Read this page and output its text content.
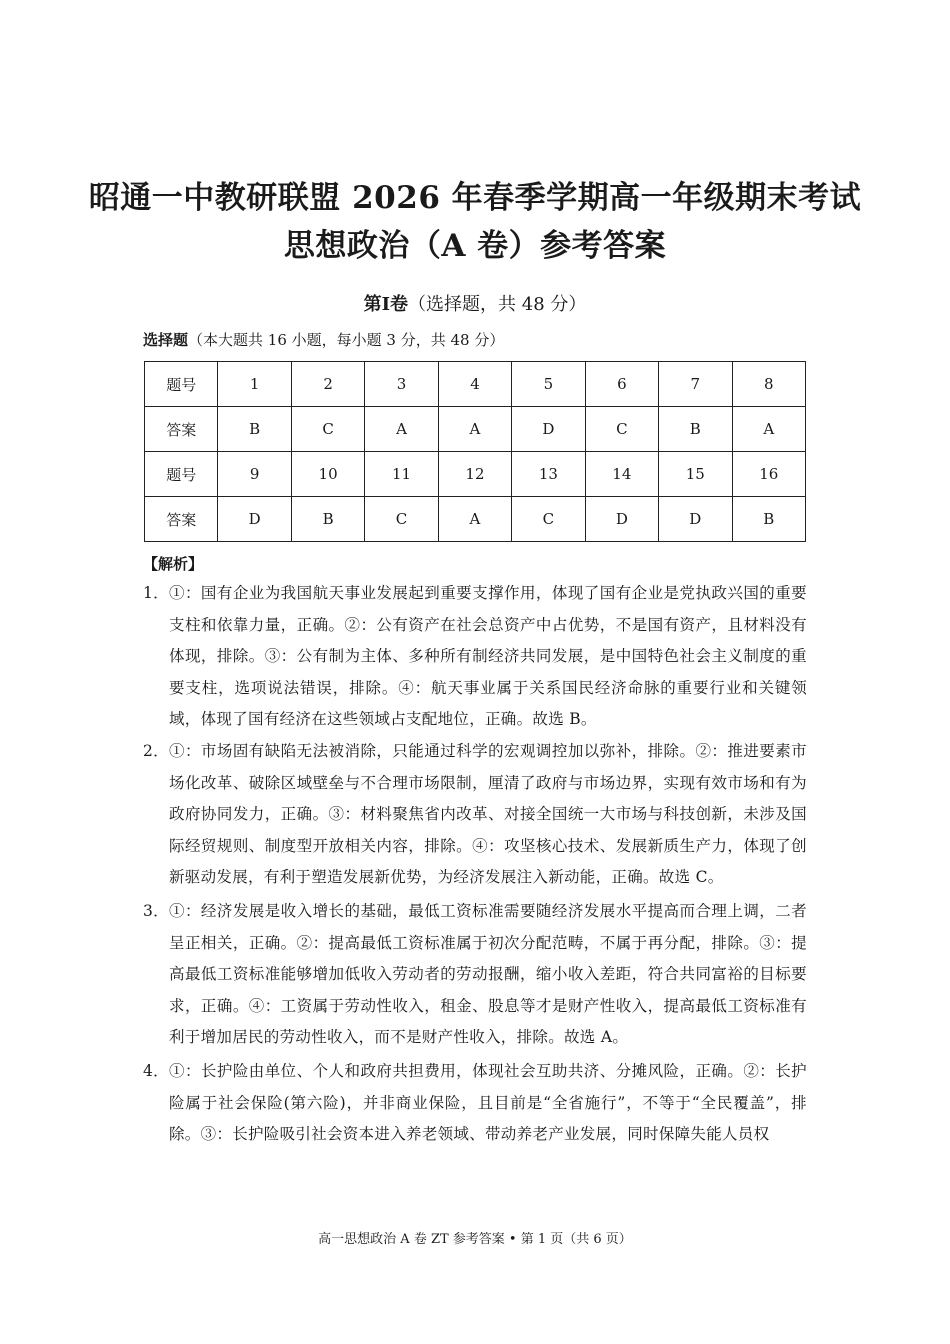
昭通一中教研联盟 2026 年春季学期高一年级期末考试
思想政治（A 卷）参考答案
第Ⅰ卷（选择题，共 48 分）
选择题（本大题共 16 小题，每小题 3 分，共 48 分）
题号	1	2	3	4	5	6	7	8
答案	B	C	A	A	D	C	B	A
题号	9	10	11	12	13	14	15	16
答案	D	B	C	A	C	D	D	B
【解析】
1． ①：国有企业为我国航天事业发展起到重要支撑作用，体现了国有企业是党执政兴国的重要支柱和依靠力量，正确。②：公有资产在社会总资产中占优势，不是国有资产，且材料没有体现，排除。③：公有制为主体、多种所有制经济共同发展，是中国特色社会主义制度的重要支柱，选项说法错误，排除。④：航天事业属于关系国民经济命脉的重要行业和关键领域，体现了国有经济在这些领域占支配地位，正确。故选 B。
2． ①：市场固有缺陷无法被消除，只能通过科学的宏观调控加以弥补，排除。②：推进要素市场化改革、破除区域壁垒与不合理市场限制，厘清了政府与市场边界，实现有效市场和有为政府协同发力，正确。③：材料聚焦省内改革、对接全国统一大市场与科技创新，未涉及国际经贸规则、制度型开放相关内容，排除。④：攻坚核心技术、发展新质生产力，体现了创新驱动发展，有利于塑造发展新优势，为经济发展注入新动能，正确。故选 C。
3． ①：经济发展是收入增长的基础，最低工资标准需要随经济发展水平提高而合理上调，二者呈正相关，正确。②：提高最低工资标准属于初次分配范畴，不属于再分配，排除。③：提高最低工资标准能够增加低收入劳动者的劳动报酬，缩小收入差距，符合共同富裕的目标要求，正确。④：工资属于劳动性收入，租金、股息等才是财产性收入，提高最低工资标准有利于增加居民的劳动性收入，而不是财产性收入，排除。故选 A。
4． ①：长护险由单位、个人和政府共担费用，体现社会互助共济、分摊风险，正确。②：长护险属于社会保险(第六险)，并非商业保险，且目前是“全省施行”，不等于“全民覆盖”，排除。③：长护险吸引社会资本进入养老领域、带动养老产业发展，同时保障失能人员权
高一思想政治 A 卷 ZT 参考答案 • 第 1 页（共 6 页）
